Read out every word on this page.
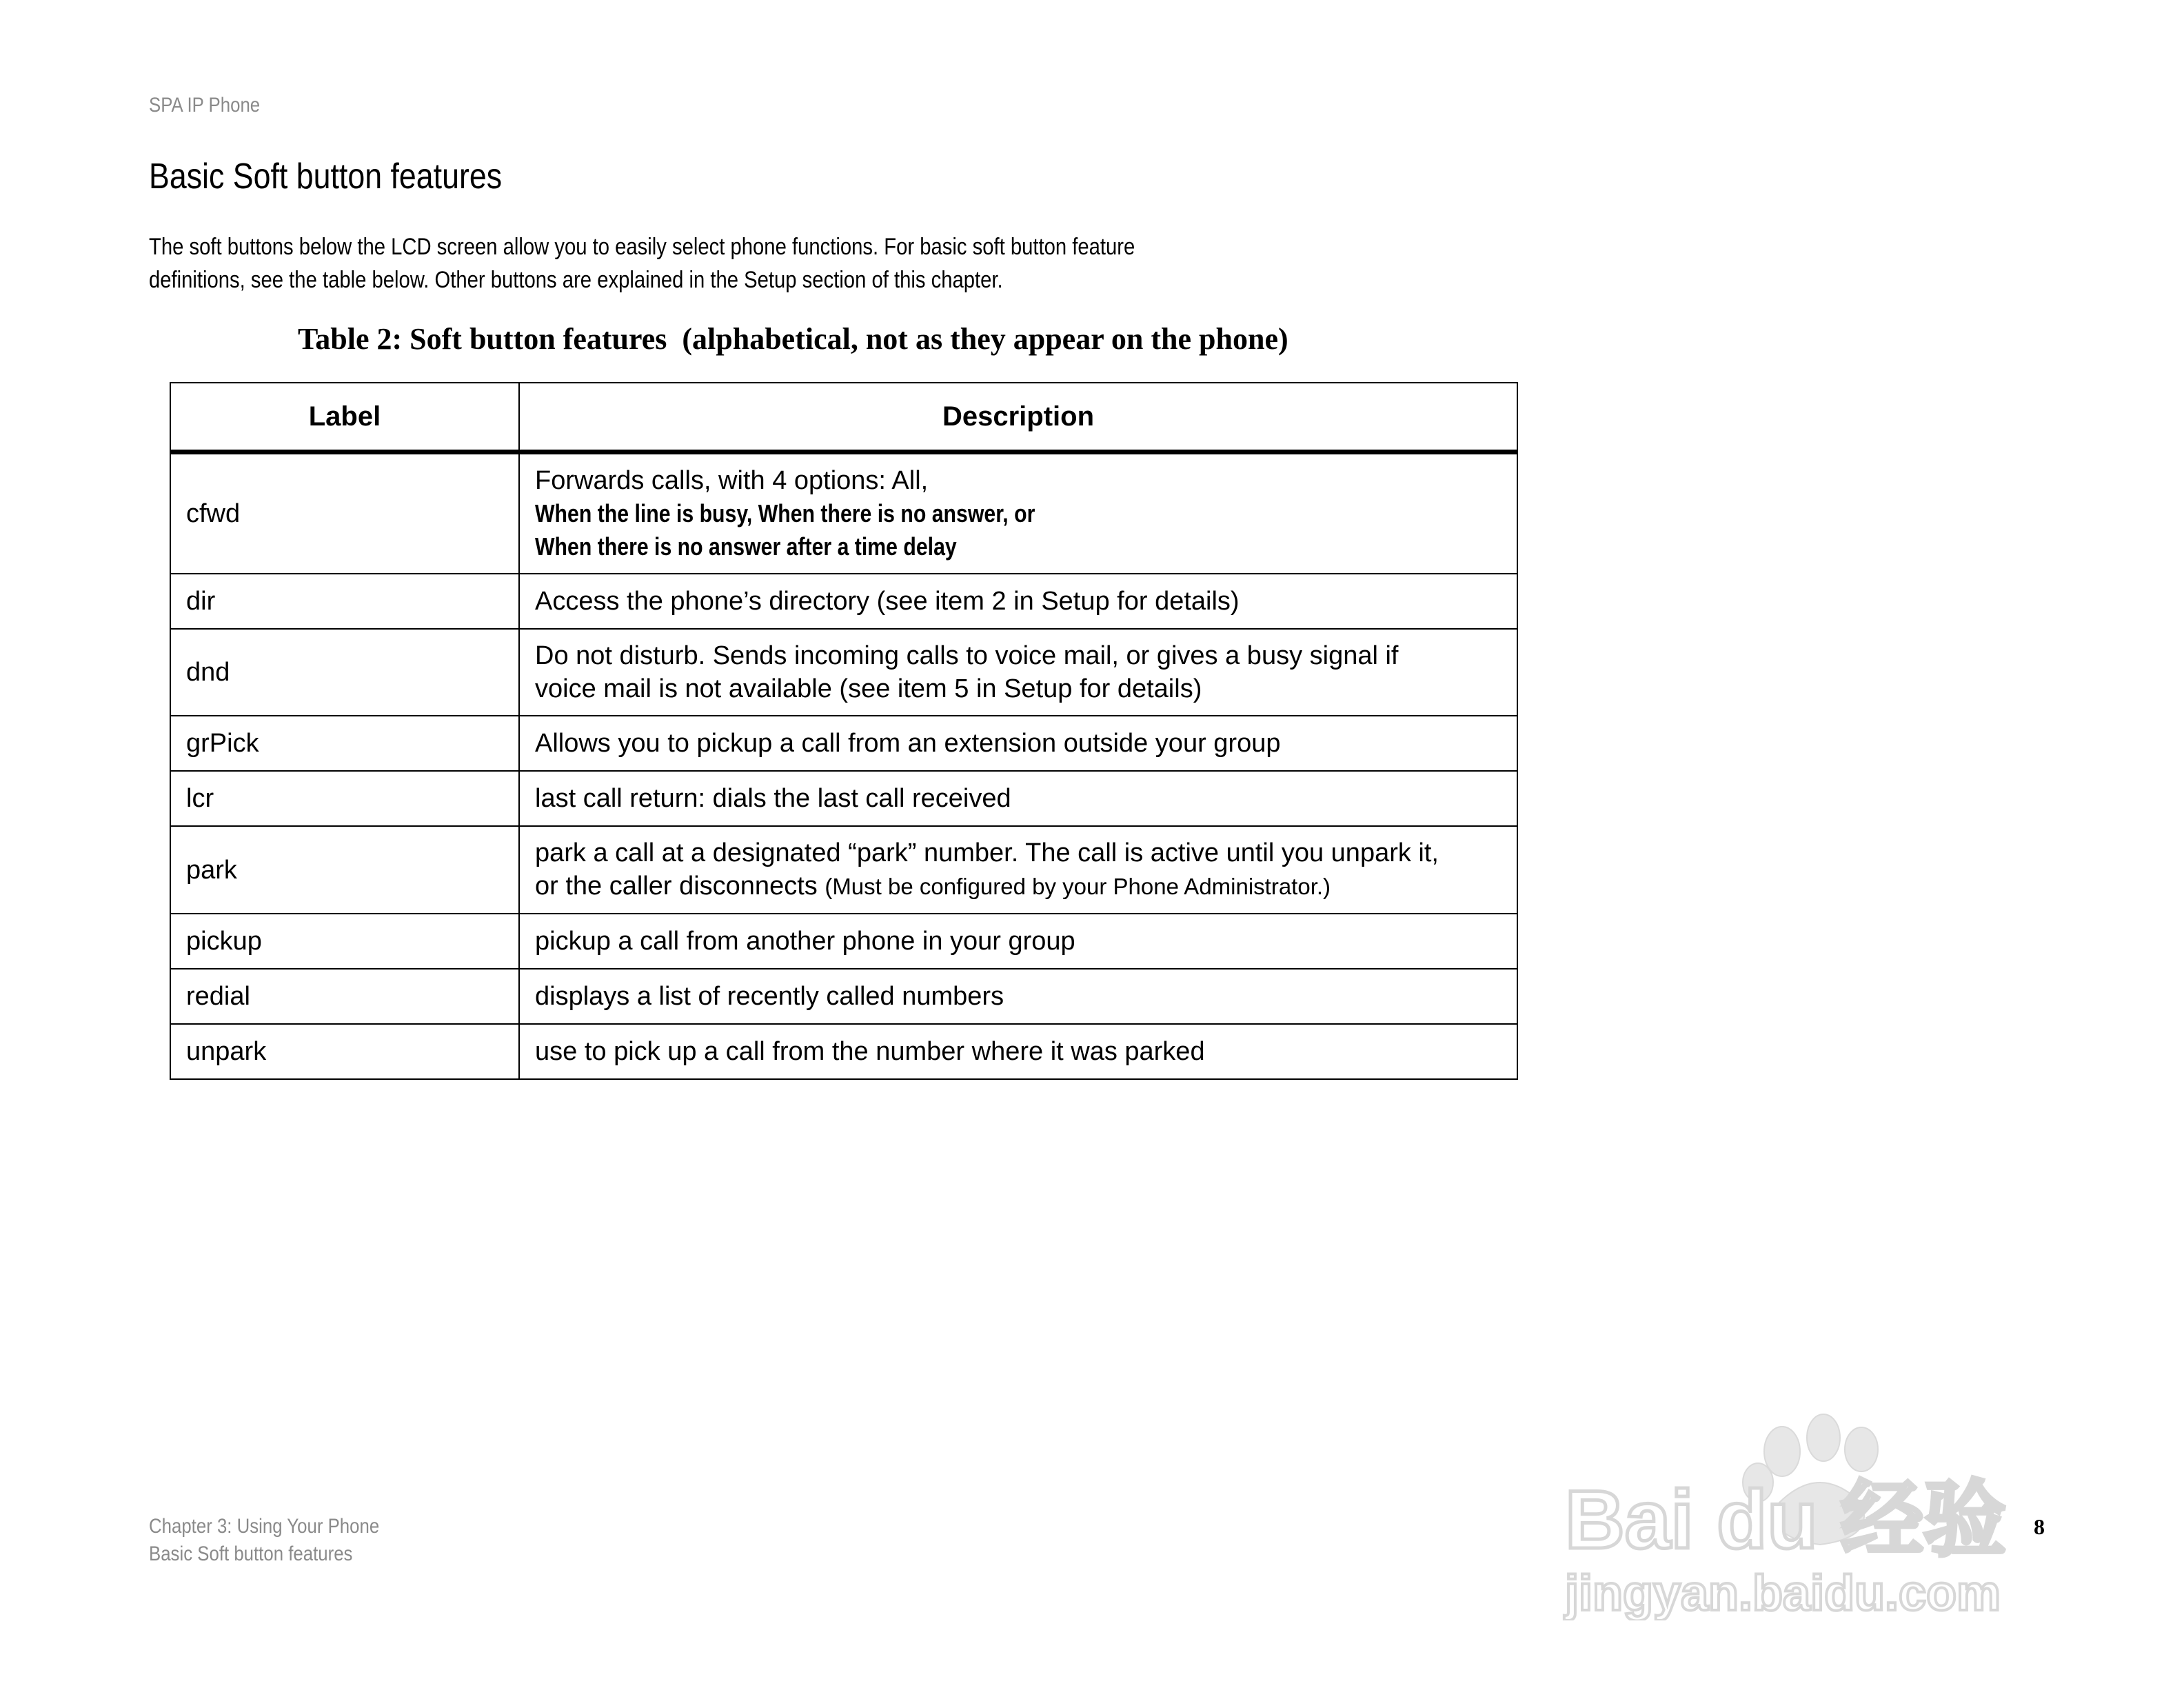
SPA IP Phone
Basic Soft button features
The soft buttons below the LCD screen allow you to easily select phone functions. For basic soft button feature
definitions, see the table below. Other buttons are explained in the Setup section of this chapter.
Table 2: Soft button features  (alphabetical, not as they appear on the phone)
Label	Description
cfwd	Forwards calls, with 4 options: All, When the line is busy, When there is no answer, or
When there is no answer after a time delay
dir	Access the phone’s directory (see item 2 in Setup for details)
dnd	Do not disturb. Sends incoming calls to voice mail, or gives a busy signal if
voice mail is not available (see item 5 in Setup for details)
grPick	Allows you to pickup a call from an extension outside your group
lcr	last call return: dials the last call received
park	park a call at a designated “park” number. The call is active until you unpark it,
or the caller disconnects (Must be configured by your Phone Administrator.)
pickup	pickup a call from another phone in your group
redial	displays a list of recently called numbers
unpark	use to pick up a call from the number where it was parked
Chapter 3: Using Your Phone
Basic Soft button features
8
Bai du 经验
jingyan.baidu.com
